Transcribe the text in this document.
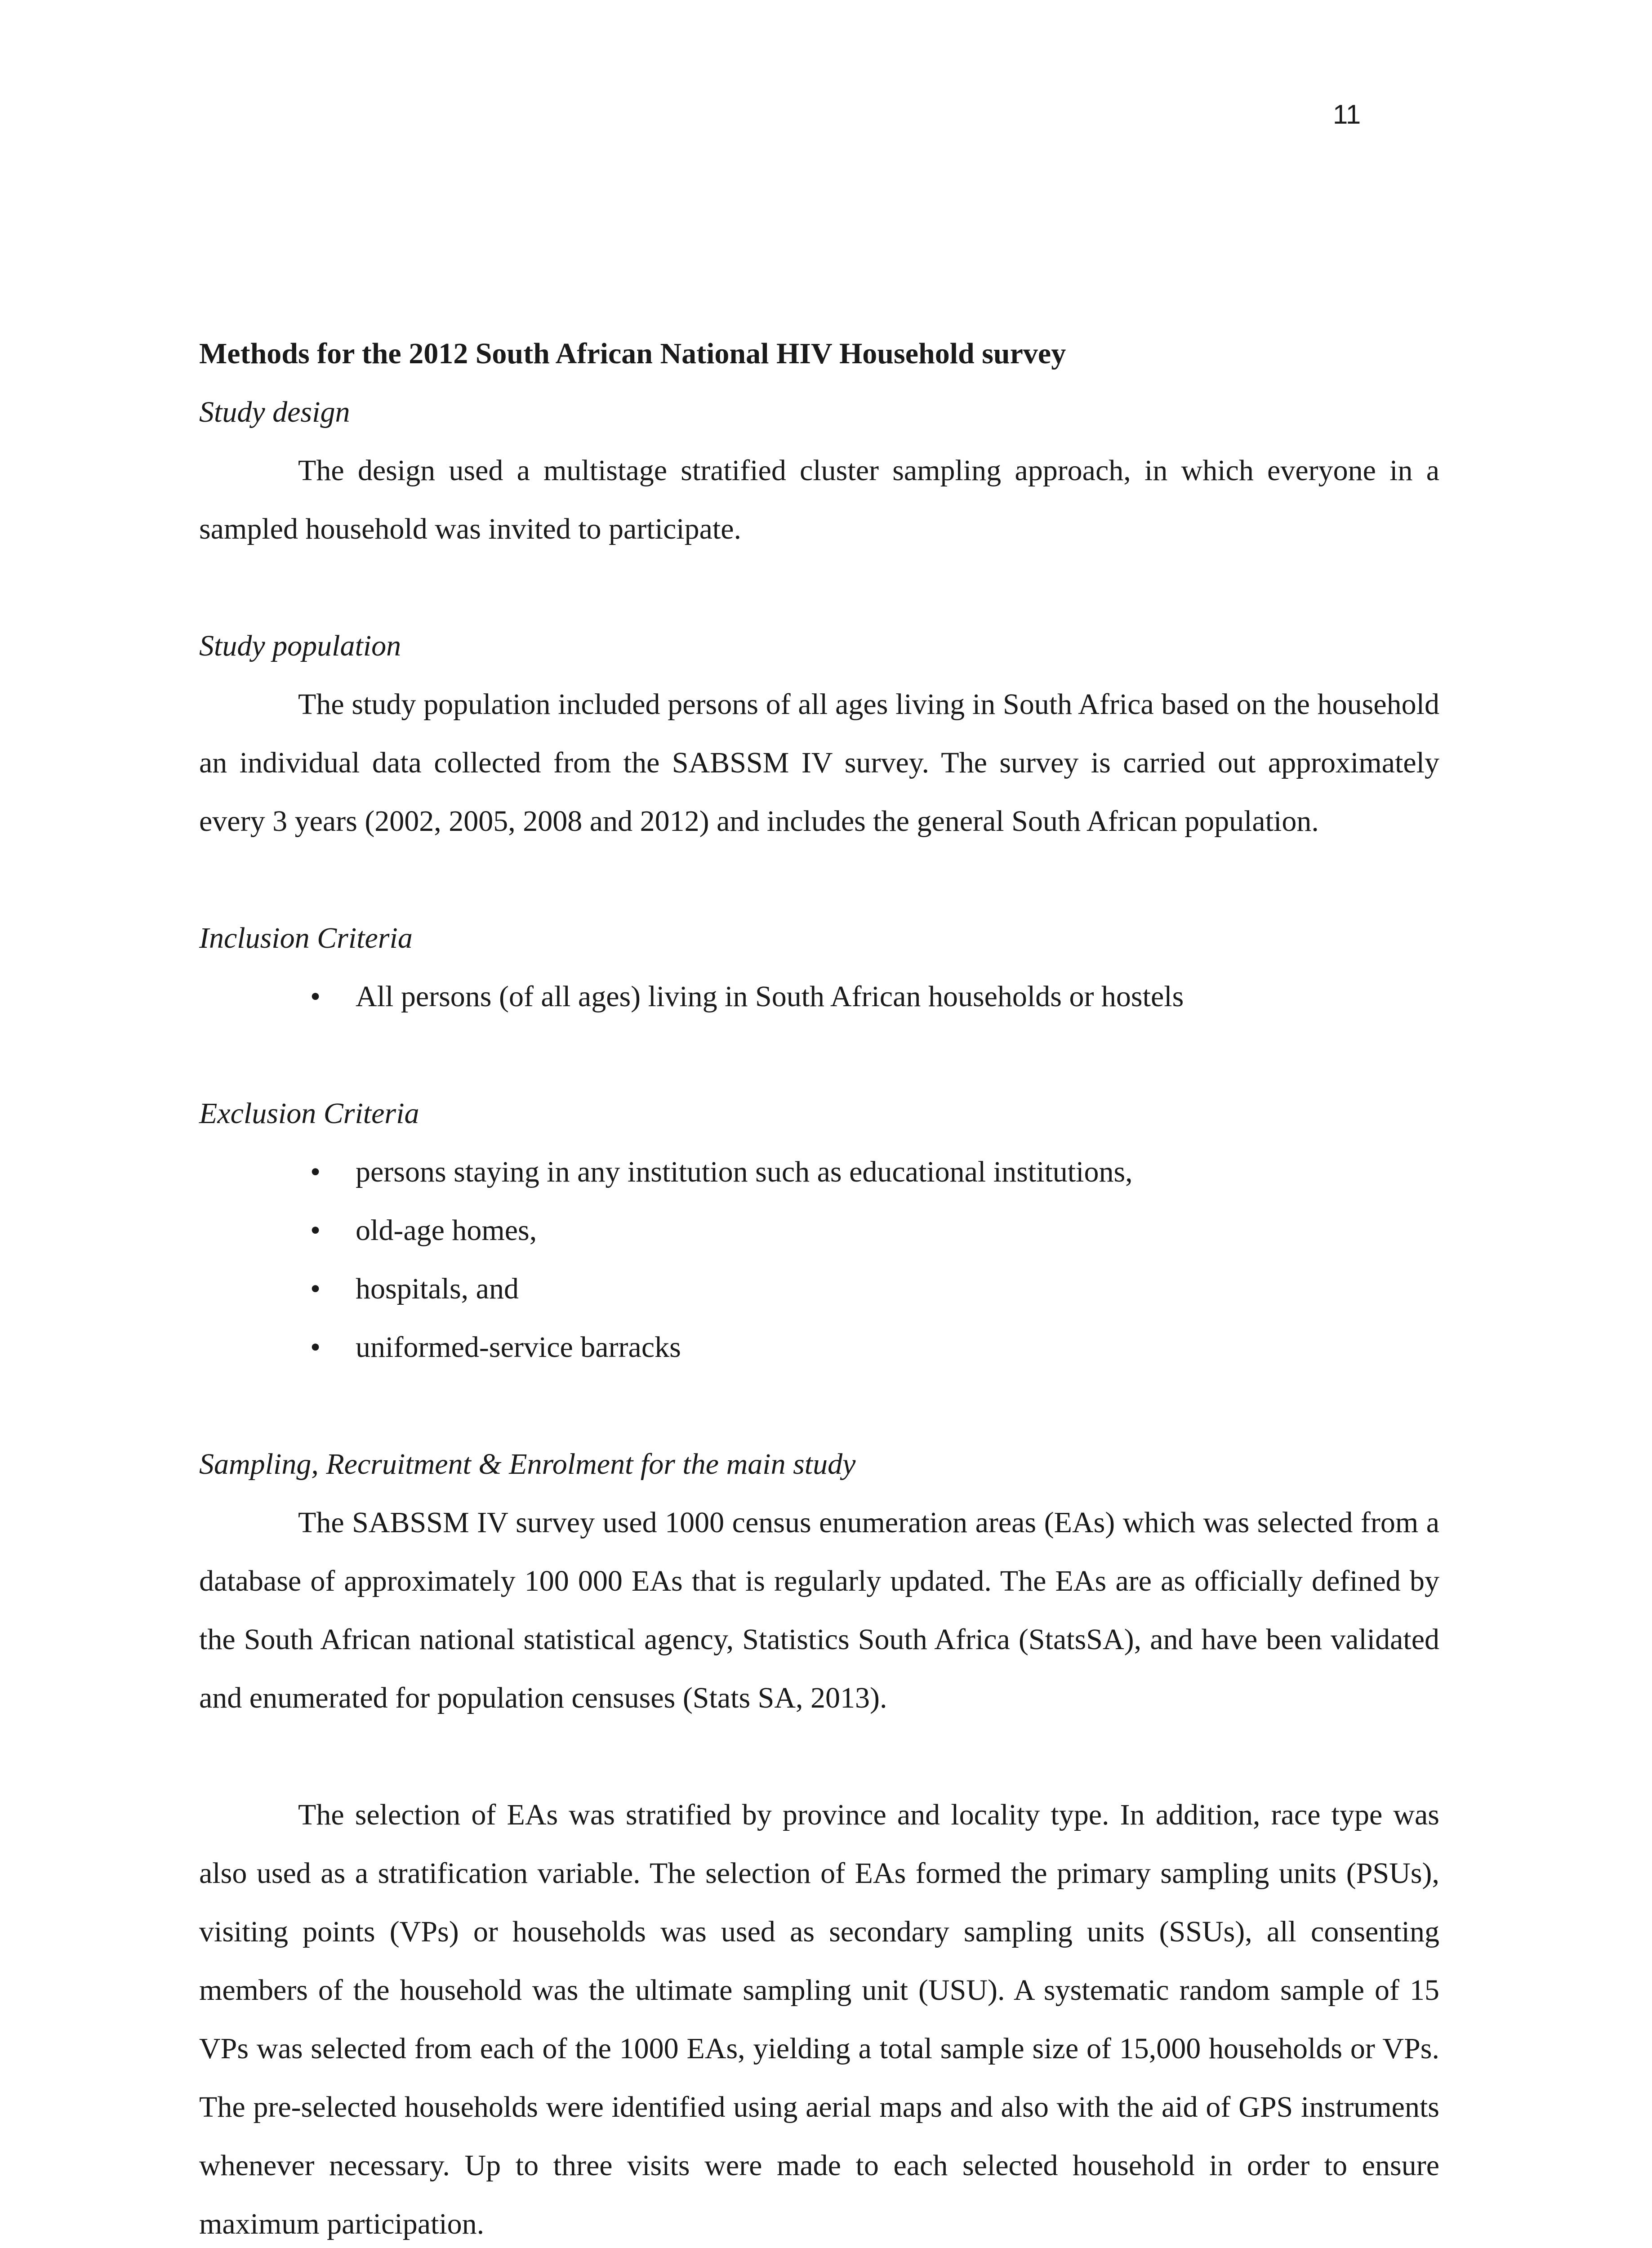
11

Methods for the 2012 South African National HIV Household survey

Study design

The design used a multistage stratified cluster sampling approach, in which everyone in a sampled household was invited to participate.

Study population

The study population included persons of all ages living in South Africa based on the household an individual data collected from the SABSSM IV survey. The survey is carried out approximately every 3 years (2002, 2005, 2008 and 2012) and includes the general South African population.

Inclusion Criteria

• All persons (of all ages) living in South African households or hostels

Exclusion Criteria

• persons staying in any institution such as educational institutions,
• old-age homes,
• hospitals, and
• uniformed-service barracks

Sampling, Recruitment & Enrolment for the main study

The SABSSM IV survey used 1000 census enumeration areas (EAs) which was selected from a database of approximately 100 000 EAs that is regularly updated. The EAs are as officially defined by the South African national statistical agency, Statistics South Africa (StatsSA), and have been validated and enumerated for population censuses (Stats SA, 2013).

The selection of EAs was stratified by province and locality type. In addition, race type was also used as a stratification variable. The selection of EAs formed the primary sampling units (PSUs), visiting points (VPs) or households was used as secondary sampling units (SSUs), all consenting members of the household was the ultimate sampling unit (USU). A systematic random sample of 15 VPs was selected from each of the 1000 EAs, yielding a total sample size of 15,000 households or VPs. The pre-selected households were identified using aerial maps and also with the aid of GPS instruments whenever necessary. Up to three visits were made to each selected household in order to ensure maximum participation.
